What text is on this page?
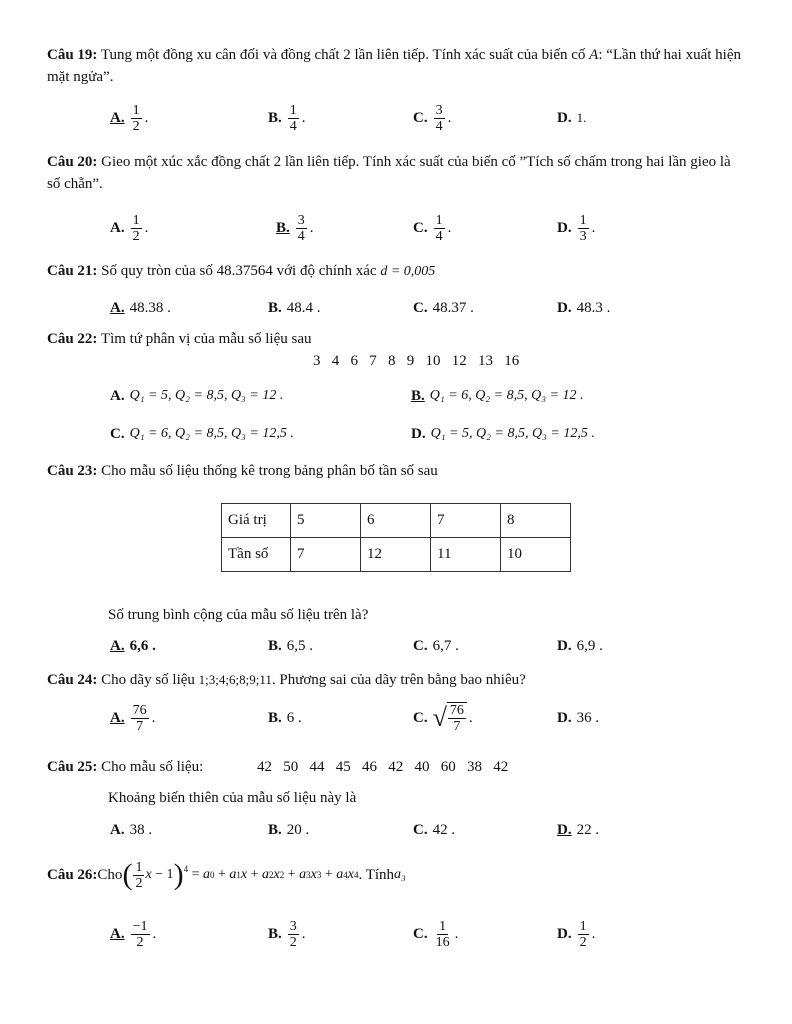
Câu 19: Tung một đồng xu cân đối và đồng chất 2 lần liên tiếp. Tính xác suất của biến cố A: “Lần thứ hai xuất hiện mặt ngửa”.
A. $\frac{1}{2}$ .	B. $\frac{1}{4}$ .	C. $\frac{3}{4}$ .	D. 1.
Câu 20: Gieo một xúc xắc đồng chất 2 lần liên tiếp. Tính xác suất của biến cố ”Tích số chấm trong hai lần gieo là số chẵn”.
A. $\frac{1}{2}$ .	B. $\frac{3}{4}$ .	C. $\frac{1}{4}$ .	D. $\frac{1}{3}$ .
Câu 21: Số quy tròn của số 48.37564 với độ chính xác d = 0,005
A. 48.38 .	B. 48.4 .	C. 48.37 .	D. 48.3 .
Câu 22: Tìm tứ phân vị của mẫu số liệu sau
3   4   6   7   8   9   10   12   13   16
A. Q₁ = 5, Q₂ = 8,5, Q₃ = 12 .	B. Q₁ = 6, Q₂ = 8,5, Q₃ = 12 .
C. Q₁ = 6, Q₂ = 8,5, Q₃ = 12,5 .	D. Q₁ = 5, Q₂ = 8,5, Q₃ = 12,5 .
Câu 23: Cho mẫu số liệu thống kê trong bảng phân bố tần số sau
Giá trị	5	6	7	8
Tần số	7	12	11	10
Số trung bình cộng của mẫu số liệu trên là?
A. 6,6 .	B. 6,5 .	C. 6,7 .	D. 6,9 .
Câu 24: Cho dãy số liệu 1;3;4;6;8;9;11. Phương sai của dãy trên bằng bao nhiêu?
A. $\frac{76}{7}$ .	B. 6 .	C. √ $\frac{76}{7}$ .	D. 36 .
Câu 25: Cho mẫu số liệu:	42   50   44   45   46   42   40   60   38   42
Khoảng biến thiên của mẫu số liệu này là
A. 38 .	B. 20 .	C. 42 .	D. 22 .
Câu 26: Cho ( $\frac{1}{2}$ x − 1 )$^4$ = a 0 + a 1 x + a 2 x 2 + a 3 x 3 + a 4 x 4 . Tính a₃
A. $\frac{-1}{2}$ .	B. $\frac{3}{2}$ .	C. $\frac{1}{16}$ .	D. $\frac{1}{2}$ .
